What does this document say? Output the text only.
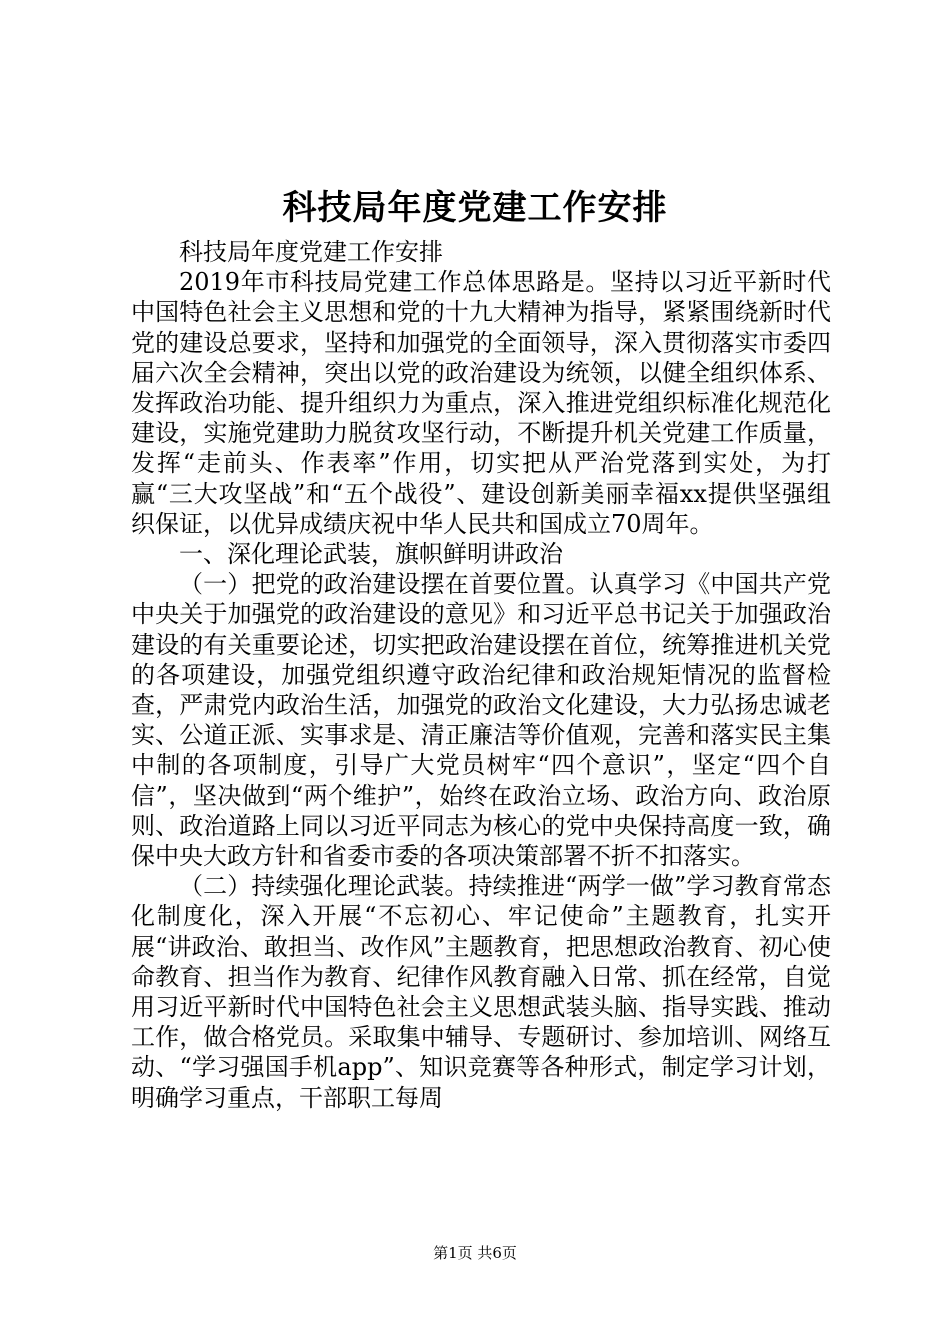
科技局年度党建工作安排

科技局年度党建工作安排

2019年市科技局党建工作总体思路是。坚持以习近平新时代中国特色社会主义思想和党的十九大精神为指导，紧紧围绕新时代党的建设总要求，坚持和加强党的全面领导，深入贯彻落实市委四届六次全会精神，突出以党的政治建设为统领，以健全组织体系、发挥政治功能、提升组织力为重点，深入推进党组织标准化规范化建设，实施党建助力脱贫攻坚行动，不断提升机关党建工作质量，发挥“走前头、作表率”作用，切实把从严治党落到实处，为打赢“三大攻坚战”和“五个战役”、建设创新美丽幸福xx提供坚强组织保证，以优异成绩庆祝中华人民共和国成立70周年。

一、深化理论武装，旗帜鲜明讲政治

（一）把党的政治建设摆在首要位置。认真学习《中国共产党中央关于加强党的政治建设的意见》和习近平总书记关于加强政治建设的有关重要论述，切实把政治建设摆在首位，统筹推进机关党的各项建设，加强党组织遵守政治纪律和政治规矩情况的监督检查，严肃党内政治生活，加强党的政治文化建设，大力弘扬忠诚老实、公道正派、实事求是、清正廉洁等价值观，完善和落实民主集中制的各项制度，引导广大党员树牢“四个意识”，坚定“四个自信”，坚决做到“两个维护”，始终在政治立场、政治方向、政治原则、政治道路上同以习近平同志为核心的党中央保持高度一致，确保中央大政方针和省委市委的各项决策部署不折不扣落实。

（二）持续强化理论武装。持续推进“两学一做”学习教育常态化制度化，深入开展“不忘初心、牢记使命”主题教育，扎实开展“讲政治、敢担当、改作风”主题教育，把思想政治教育、初心使命教育、担当作为教育、纪律作风教育融入日常、抓在经常，自觉用习近平新时代中国特色社会主义思想武装头脑、指导实践、推动工作，做合格党员。采取集中辅导、专题研讨、参加培训、网络互动、“学习强国手机app”、知识竞赛等各种形式，制定学习计划，明确学习重点，干部职工每周

第1页 共6页
